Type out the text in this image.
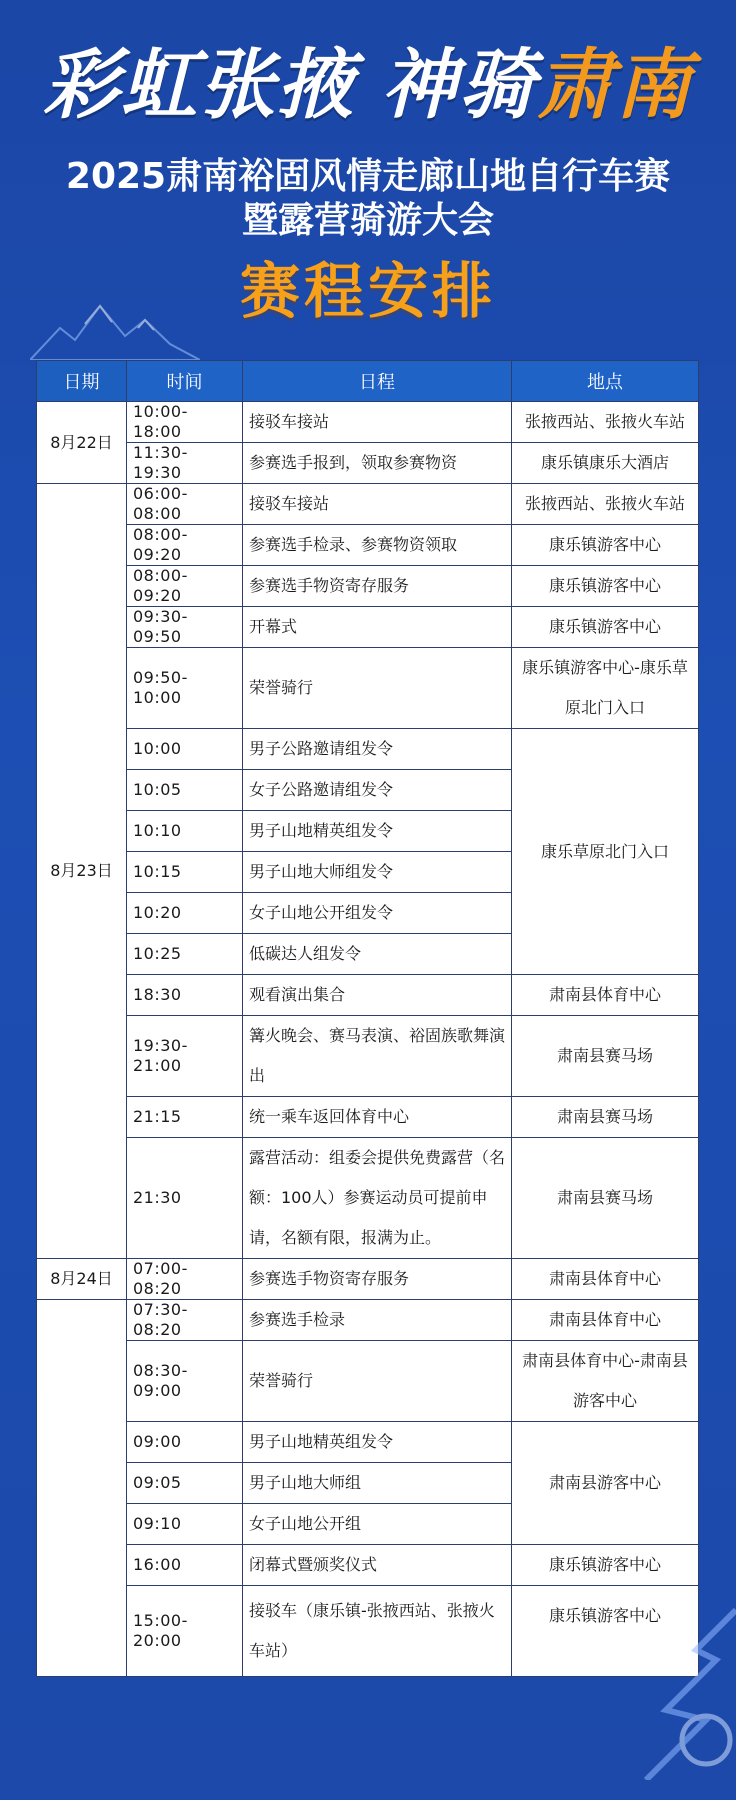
彩虹张掖 神骑肃南
2025肃南裕固风情走廊山地自行车赛
暨露营骑游大会
赛程安排
日期	时间	日程	地点
8月22日	10:00-18:00	接驳车接站	张掖西站、张掖火车站
	11:30-19:30	参赛选手报到，领取参赛物资	康乐镇康乐大酒店
8月23日	06:00-08:00	接驳车接站	张掖西站、张掖火车站
	08:00-09:20	参赛选手检录、参赛物资领取	康乐镇游客中心
	08:00-09:20	参赛选手物资寄存服务	康乐镇游客中心
	09:30-09:50	开幕式	康乐镇游客中心
	09:50-10:00	荣誉骑行	康乐镇游客中心-康乐草原北门入口
	10:00	男子公路邀请组发令	康乐草原北门入口
	10:05	女子公路邀请组发令	
	10:10	男子山地精英组发令	
	10:15	男子山地大师组发令	
	10:20	女子山地公开组发令	
	10:25	低碳达人组发令	
	18:30	观看演出集合	肃南县体育中心
	19:30-21:00	篝火晚会、赛马表演、裕固族歌舞演出	肃南县赛马场
	21:15	统一乘车返回体育中心	肃南县赛马场
	21:30	露营活动：组委会提供免费露营（名额：100人）参赛运动员可提前申请，名额有限，报满为止。	肃南县赛马场
8月24日	07:00-08:20	参赛选手物资寄存服务	肃南县体育中心
	07:30-08:20	参赛选手检录	肃南县体育中心
	08:30-09:00	荣誉骑行	肃南县体育中心-肃南县游客中心
	09:00	男子山地精英组发令	肃南县游客中心
	09:05	男子山地大师组	
	09:10	女子山地公开组	
	16:00	闭幕式暨颁奖仪式	康乐镇游客中心
	15:00-20:00	接驳车（康乐镇-张掖西站、张掖火车站）	康乐镇游客中心
